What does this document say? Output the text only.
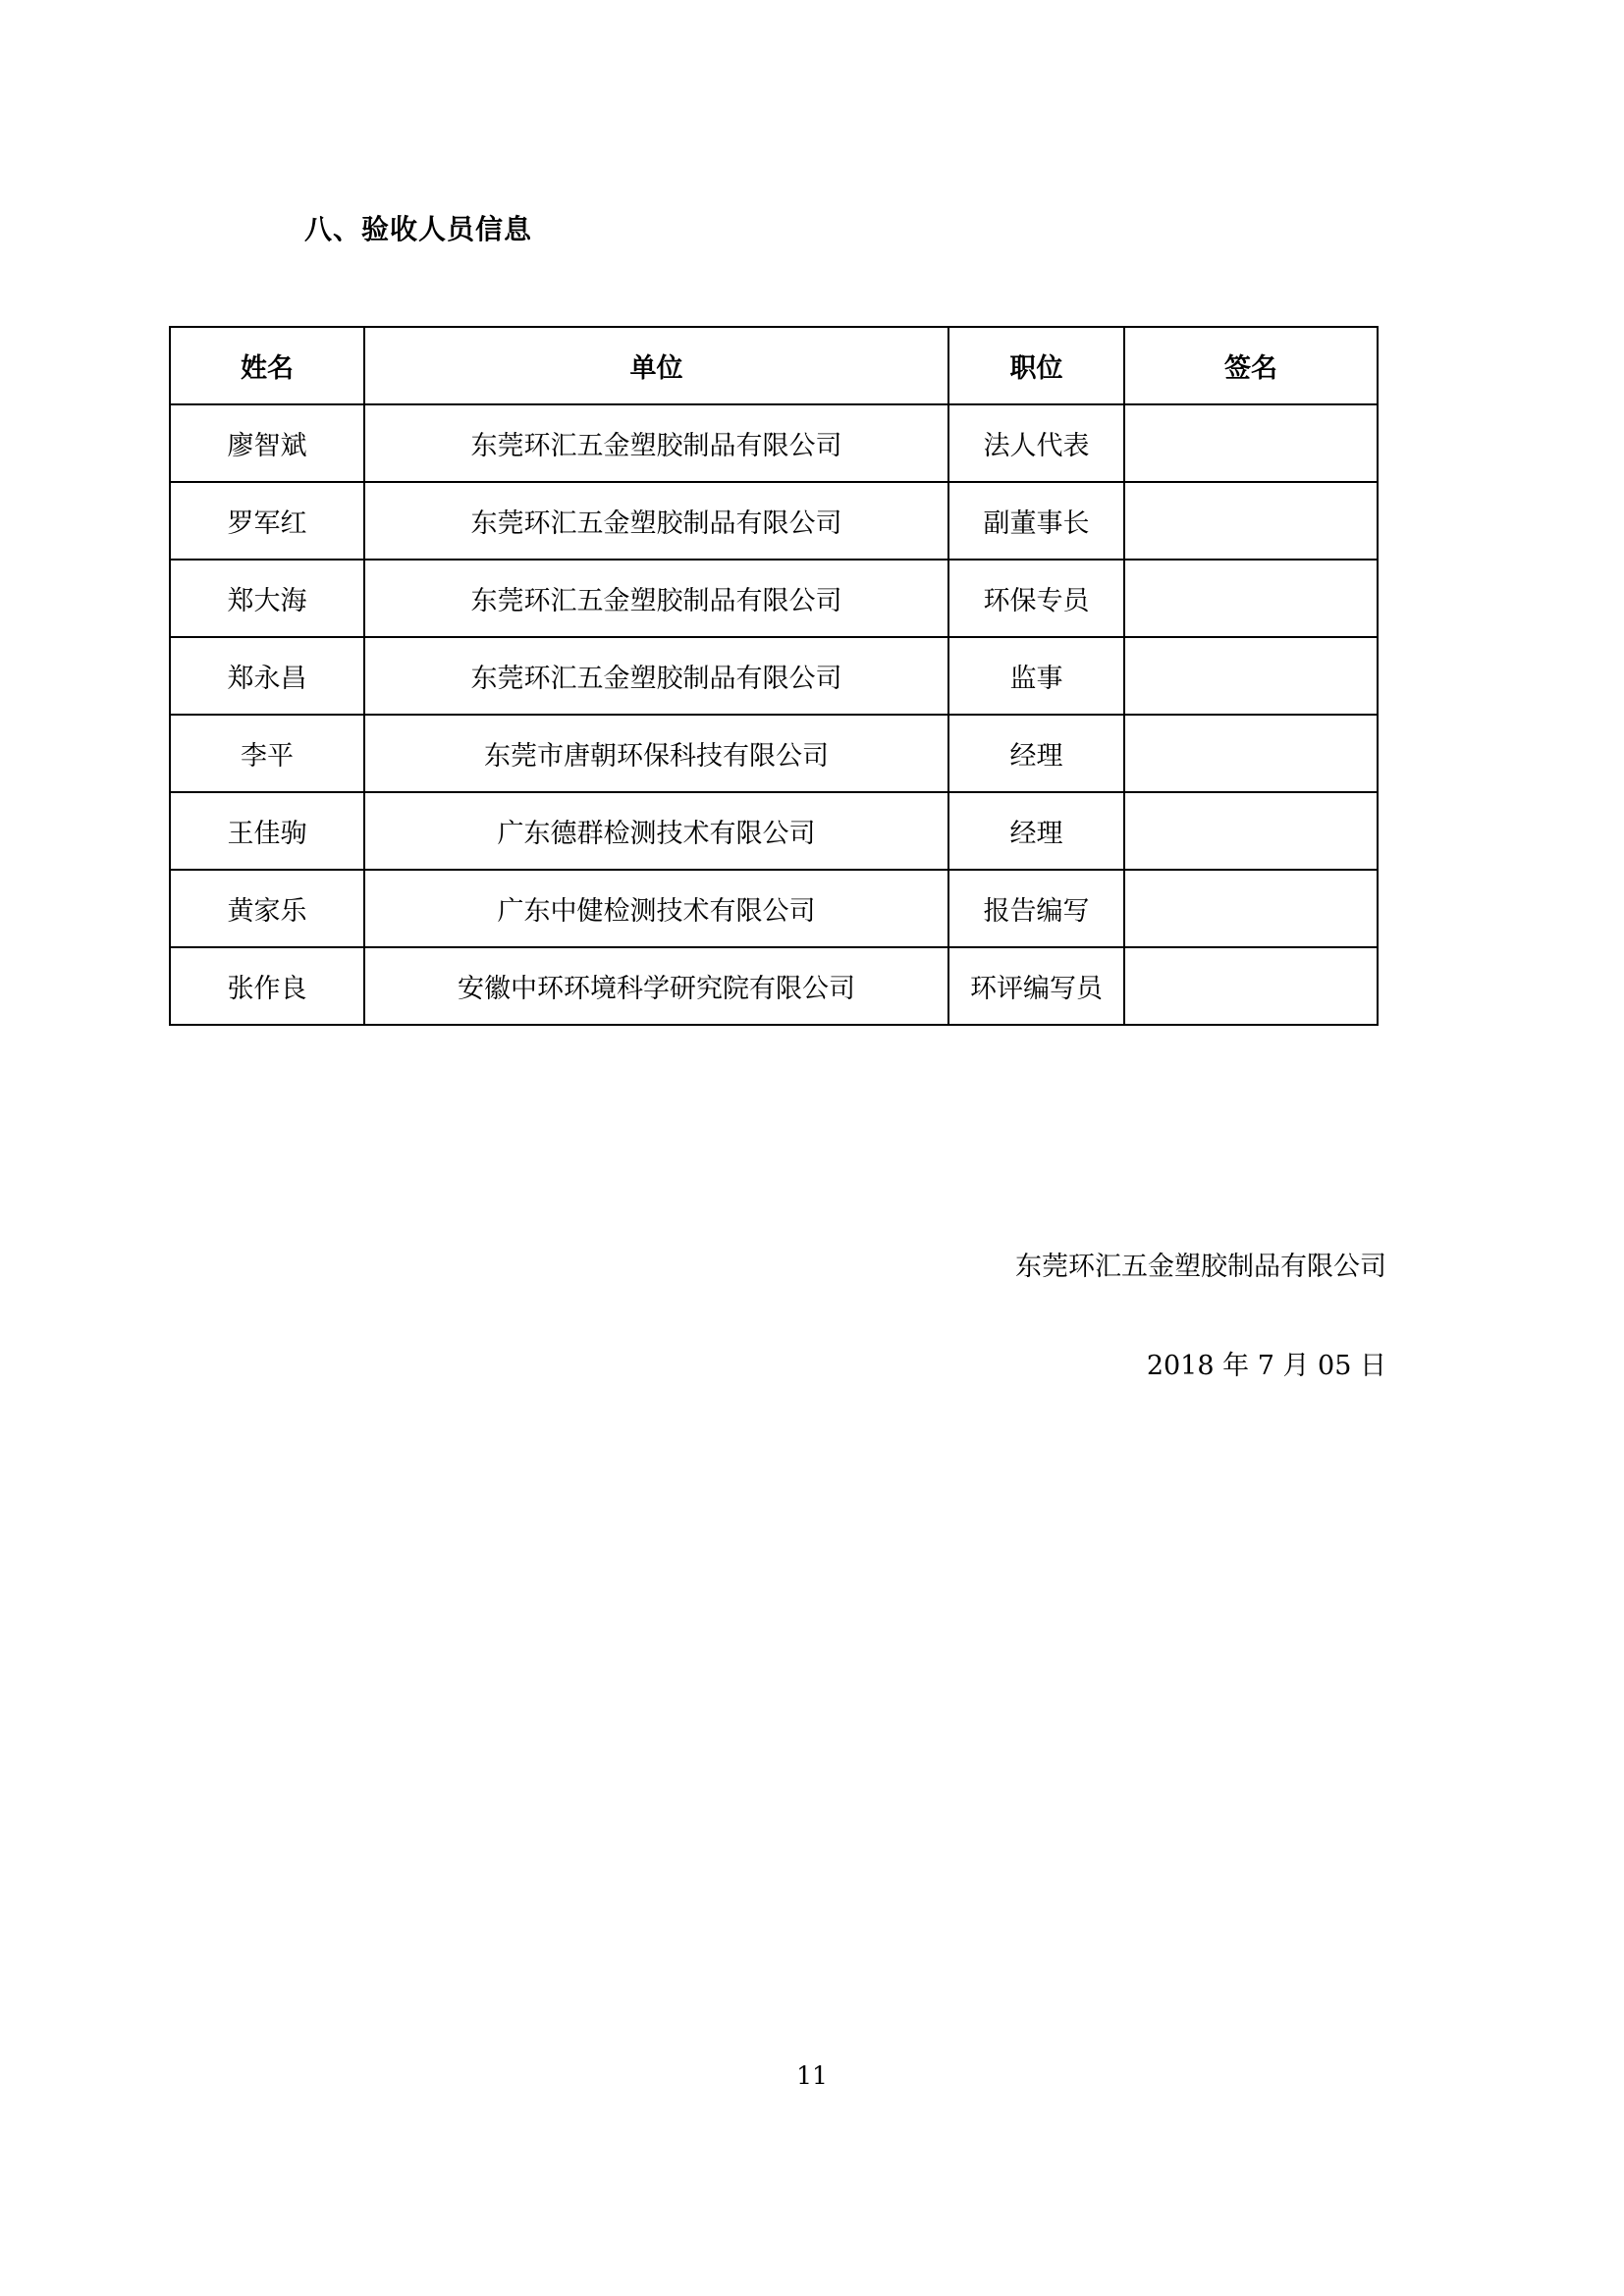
八、验收人员信息
姓名	单位	职位	签名
廖智斌	东莞环汇五金塑胶制品有限公司	法人代表	
罗军红	东莞环汇五金塑胶制品有限公司	副董事长	
郑大海	东莞环汇五金塑胶制品有限公司	环保专员	
郑永昌	东莞环汇五金塑胶制品有限公司	监事	
李平	东莞市唐朝环保科技有限公司	经理	
王佳驹	广东德群检测技术有限公司	经理	
黄家乐	广东中健检测技术有限公司	报告编写	
张作良	安徽中环环境科学研究院有限公司	环评编写员	
东莞环汇五金塑胶制品有限公司
2018 年 7 月 05 日
11
